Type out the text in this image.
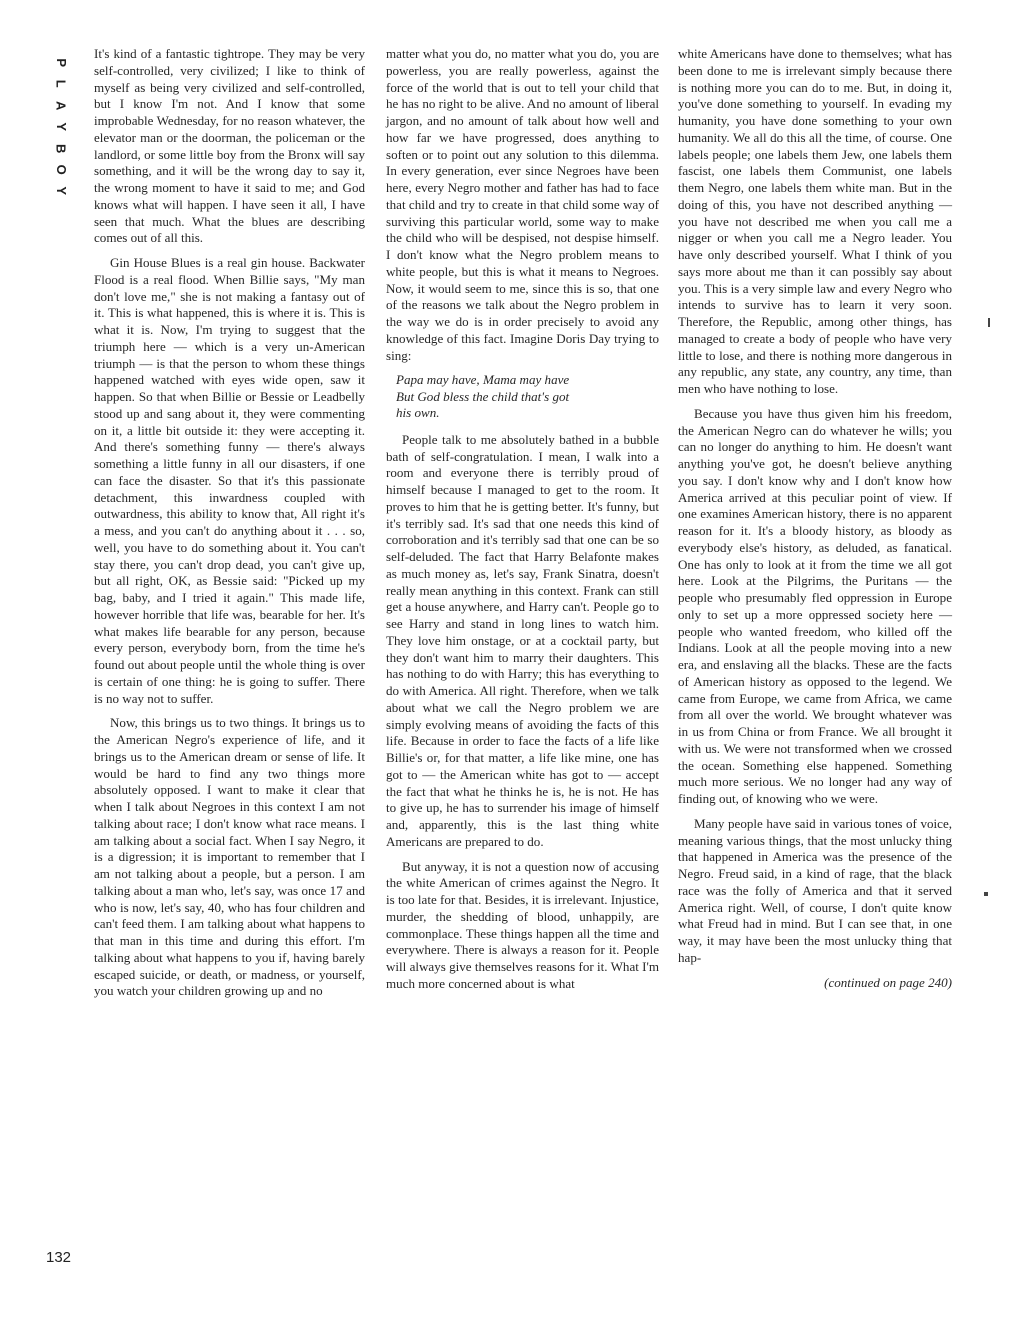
P
L
A
Y
B
O
Y

It's kind of a fantastic tightrope. They may be very self-controlled, very civilized; I like to think of myself as being very civilized and self-controlled, but I know I'm not. And I know that some improbable Wednesday, for no reason whatever, the elevator man or the doorman, the policeman or the landlord, or some little boy from the Bronx will say something, and it will be the wrong day to say it, the wrong moment to have it said to me; and God knows what will happen. I have seen it all, I have seen that much. What the blues are describing comes out of all this.

Gin House Blues is a real gin house. Backwater Flood is a real flood. When Billie says, "My man don't love me," she is not making a fantasy out of it. This is what happened, this is where it is. This is what it is. Now, I'm trying to suggest that the triumph here — which is a very un-American triumph — is that the person to whom these things happened watched with eyes wide open, saw it happen. So that when Billie or Bessie or Leadbelly stood up and sang about it, they were commenting on it, a little bit outside it: they were accepting it. And there's something funny — there's always something a little funny in all our disasters, if one can face the disaster. So that it's this passionate detachment, this inwardness coupled with outwardness, this ability to know that, All right it's a mess, and you can't do anything about it . . . so, well, you have to do something about it. You can't stay there, you can't drop dead, you can't give up, but all right, OK, as Bessie said: "Picked up my bag, baby, and I tried it again." This made life, however horrible that life was, bearable for her. It's what makes life bearable for any person, because every person, everybody born, from the time he's found out about people until the whole thing is over is certain of one thing: he is going to suffer. There is no way not to suffer.

Now, this brings us to two things. It brings us to the American Negro's experience of life, and it brings us to the American dream or sense of life. It would be hard to find any two things more absolutely opposed. I want to make it clear that when I talk about Negroes in this context I am not talking about race; I don't know what race means. I am talking about a social fact. When I say Negro, it is a digression; it is important to remember that I am not talking about a people, but a person. I am talking about a man who, let's say, was once 17 and who is now, let's say, 40, who has four children and can't feed them. I am talking about what happens to that man in this time and during this effort. I'm talking about what happens to you if, having barely escaped suicide, or death, or madness, or yourself, you watch your children growing up and no

matter what you do, no matter what you do, you are powerless, you are really powerless, against the force of the world that is out to tell your child that he has no right to be alive. And no amount of liberal jargon, and no amount of talk about how well and how far we have progressed, does anything to soften or to point out any solution to this dilemma. In every generation, ever since Negroes have been here, every Negro mother and father has had to face that child and try to create in that child some way of surviving this particular world, some way to make the child who will be despised, not despise himself. I don't know what the Negro problem means to white people, but this is what it means to Negroes. Now, it would seem to me, since this is so, that one of the reasons we talk about the Negro problem in the way we do is in order precisely to avoid any knowledge of this fact. Imagine Doris Day trying to sing:

Papa may have, Mama may have
But God bless the child that's got
his own.

People talk to me absolutely bathed in a bubble bath of self-congratulation. I mean, I walk into a room and everyone there is terribly proud of himself because I managed to get to the room. It proves to him that he is getting better. It's funny, but it's terribly sad. It's sad that one needs this kind of corroboration and it's terribly sad that one can be so self-deluded. The fact that Harry Belafonte makes as much money as, let's say, Frank Sinatra, doesn't really mean anything in this context. Frank can still get a house anywhere, and Harry can't. People go to see Harry and stand in long lines to watch him. They love him onstage, or at a cocktail party, but they don't want him to marry their daughters. This has nothing to do with Harry; this has everything to do with America. All right. Therefore, when we talk about what we call the Negro problem we are simply evolving means of avoiding the facts of this life. Because in order to face the facts of a life like Billie's or, for that matter, a life like mine, one has got to — the American white has got to — accept the fact that what he thinks he is, he is not. He has to give up, he has to surrender his image of himself and, apparently, this is the last thing white Americans are prepared to do.

But anyway, it is not a question now of accusing the white American of crimes against the Negro. It is too late for that. Besides, it is irrelevant. Injustice, murder, the shedding of blood, unhappily, are commonplace. These things happen all the time and everywhere. There is always a reason for it. People will always give themselves reasons for it. What I'm much more concerned about is what

white Americans have done to themselves; what has been done to me is irrelevant simply because there is nothing more you can do to me. But, in doing it, you've done something to yourself. In evading my humanity, you have done something to your own humanity. We all do this all the time, of course. One labels people; one labels them Jew, one labels them fascist, one labels them Communist, one labels them Negro, one labels them white man. But in the doing of this, you have not described anything — you have not described me when you call me a nigger or when you call me a Negro leader. You have only described yourself. What I think of you says more about me than it can possibly say about you. This is a very simple law and every Negro who intends to survive has to learn it very soon. Therefore, the Republic, among other things, has managed to create a body of people who have very little to lose, and there is nothing more dangerous in any republic, any state, any country, any time, than men who have nothing to lose.

Because you have thus given him his freedom, the American Negro can do whatever he wills; you can no longer do anything to him. He doesn't want anything you've got, he doesn't believe anything you say. I don't know why and I don't know how America arrived at this peculiar point of view. If one examines American history, there is no apparent reason for it. It's a bloody history, as bloody as everybody else's history, as deluded, as fanatical. One has only to look at it from the time we all got here. Look at the Pilgrims, the Puritans — the people who presumably fled oppression in Europe only to set up a more oppressed society here — people who wanted freedom, who killed off the Indians. Look at all the people moving into a new era, and enslaving all the blacks. These are the facts of American history as opposed to the legend. We came from Europe, we came from Africa, we came from all over the world. We brought whatever was in us from China or from France. We all brought it with us. We were not transformed when we crossed the ocean. Something else happened. Something much more serious. We no longer had any way of finding out, of knowing who we were.

Many people have said in various tones of voice, meaning various things, that the most unlucky thing that happened in America was the presence of the Negro. Freud said, in a kind of rage, that the black race was the folly of America and that it served America right. Well, of course, I don't quite know what Freud had in mind. But I can see that, in one way, it may have been the most unlucky thing that hap-

(continued on page 240)

132
